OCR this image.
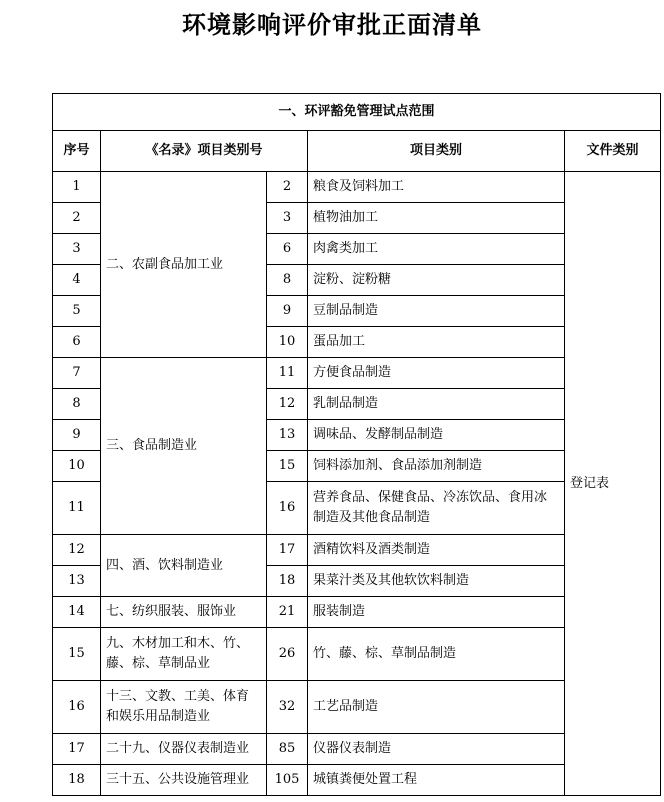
环境影响评价审批正面清单
一、环评豁免管理试点范围				
序号	《名录》项目类别号		项目类别	文件类别
1	二、农副食品加工业	2	粮食及饲料加工	登记表
2		3	植物油加工	
3		6	肉禽类加工	
4		8	淀粉、淀粉糖	
5		9	豆制品制造	
6		10	蛋品加工	
7	三、食品制造业	11	方便食品制造	
8		12	乳制品制造	
9		13	调味品、发酵制品制造	
10		15	饲料添加剂、食品添加剂制造	
11		16	营养食品、保健食品、冷冻饮品、食用冰制造及其他食品制造	
12	四、酒、饮料制造业	17	酒精饮料及酒类制造	
13		18	果菜汁类及其他软饮料制造	
14	七、纺织服装、服饰业	21	服装制造	
15	九、木材加工和木、竹、藤、棕、草制品业	26	竹、藤、棕、草制品制造	
16	十三、文教、工美、体育和娱乐用品制造业	32	工艺品制造	
17	二十九、仪器仪表制造业	85	仪器仪表制造	
18	三十五、公共设施管理业	105	城镇粪便处置工程	
